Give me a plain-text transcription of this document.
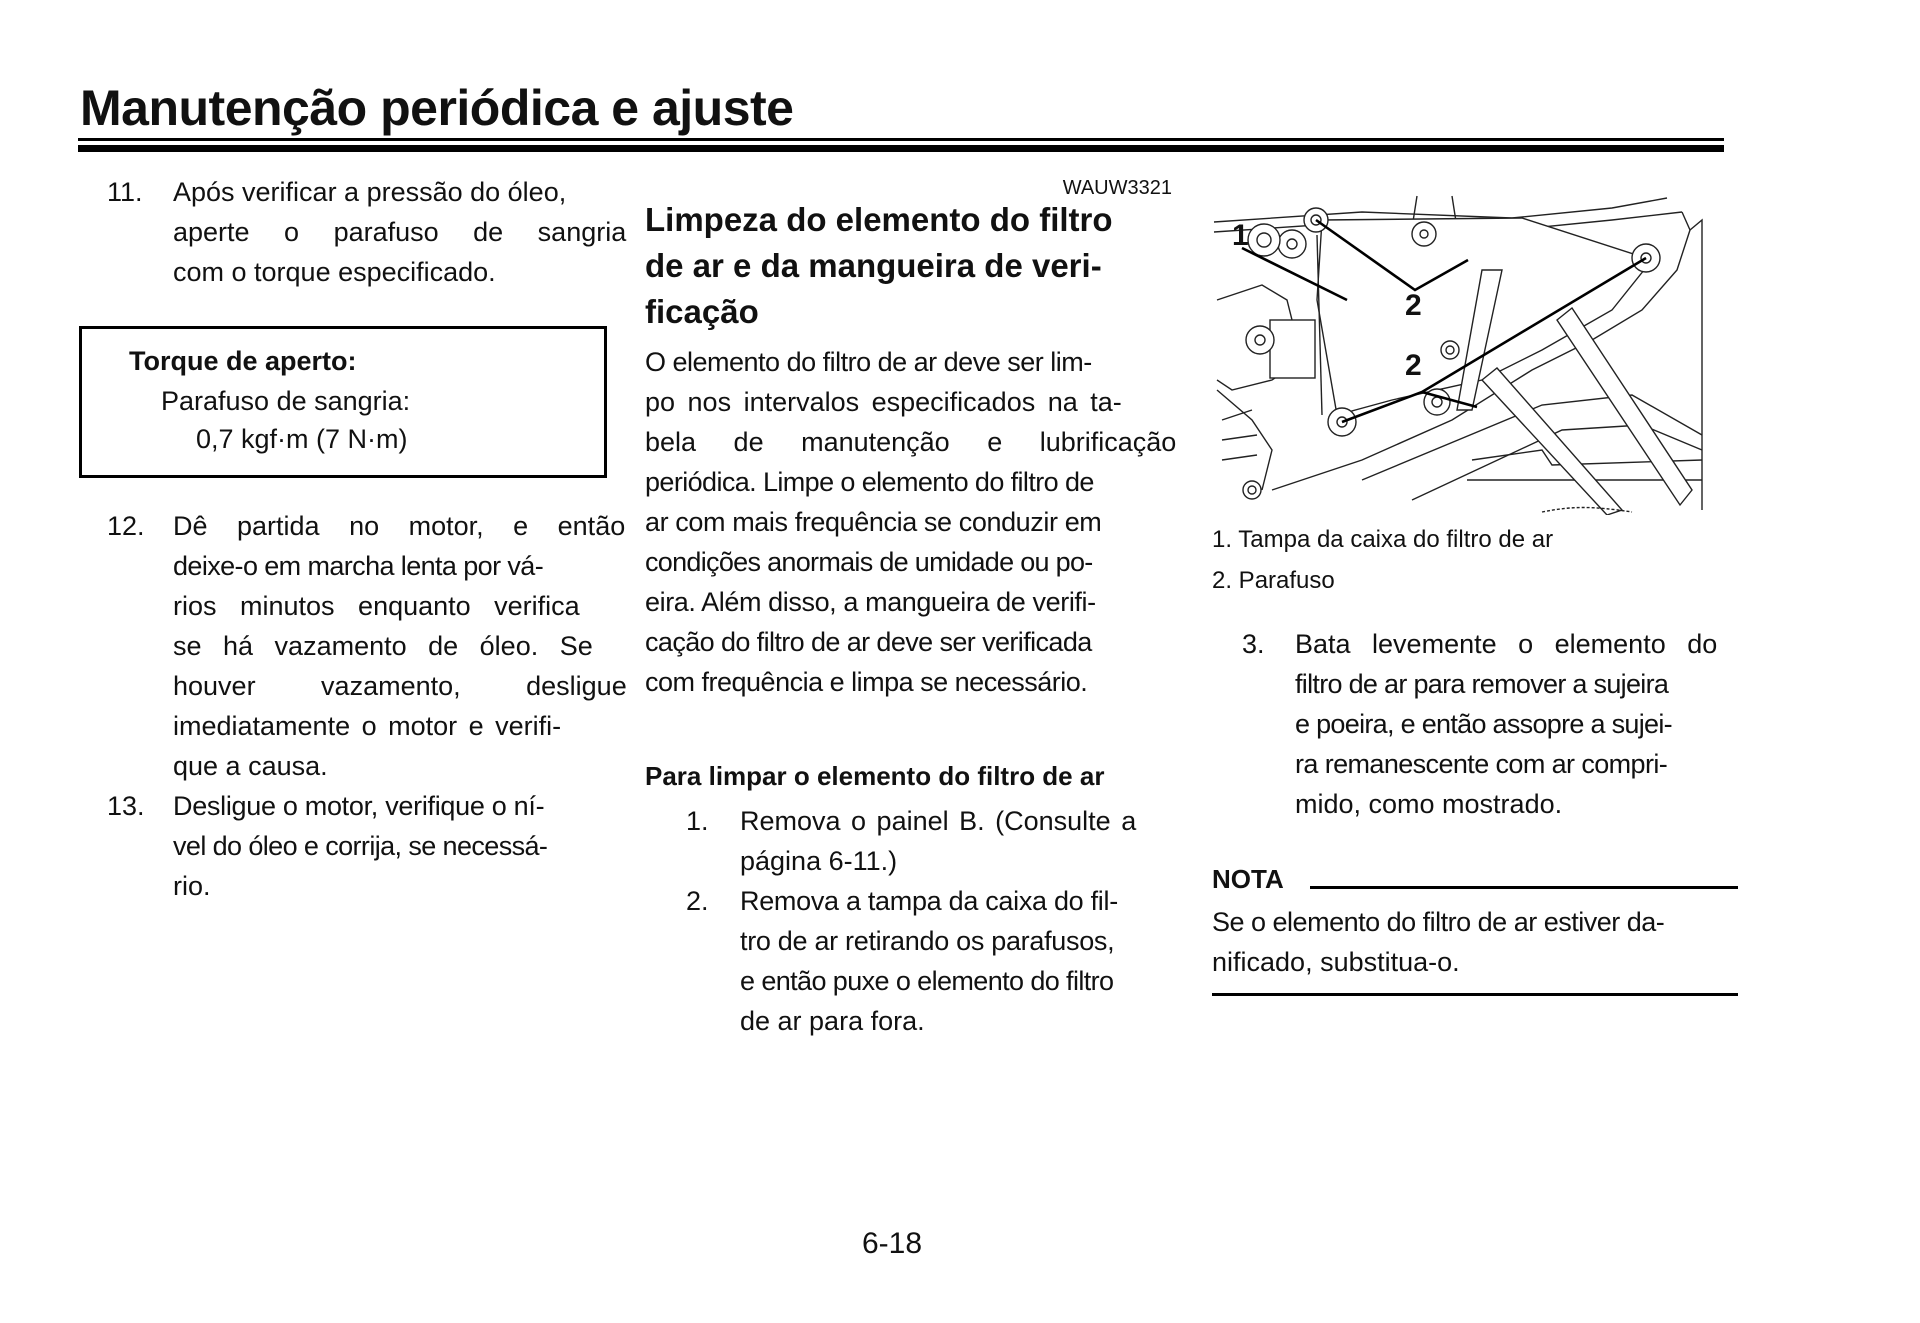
Manutenção periódica e ajuste
11. Após verificar a pressão do óleo,
aperte o parafuso de sangria
com o torque especificado.
Torque de aperto:
Parafuso de sangria:
0,7 kgf·m (7 N·m)
12. Dê partida no motor, e então
deixe-o em marcha lenta por vá-
rios minutos enquanto verifica
se há vazamento de óleo. Se
houver vazamento, desligue
imediatamente o motor e verifi-
que a causa.
13. Desligue o motor, verifique o ní-
vel do óleo e corrija, se necessá-
rio.
WAUW3321
Limpeza do elemento do filtro
de ar e da mangueira de veri-
ficação
O elemento do filtro de ar deve ser lim-
po nos intervalos especificados na ta-
bela de manutenção e lubrificação
periódica. Limpe o elemento do filtro de
ar com mais frequência se conduzir em
condições anormais de umidade ou po-
eira. Além disso, a mangueira de verifi-
cação do filtro de ar deve ser verificada
com frequência e limpa se necessário.
Para limpar o elemento do filtro de ar
1. Remova o painel B. (Consulte a
página 6-11.)
2. Remova a tampa da caixa do fil-
tro de ar retirando os parafusos,
e então puxe o elemento do filtro
de ar para fora.
1
2
2
1. Tampa da caixa do filtro de ar
2. Parafuso
3. Bata levemente o elemento do
filtro de ar para remover a sujeira
e poeira, e então assopre a sujei-
ra remanescente com ar compri-
mido, como mostrado.
NOTA
Se o elemento do filtro de ar estiver da-
nificado, substitua-o.
6-18
